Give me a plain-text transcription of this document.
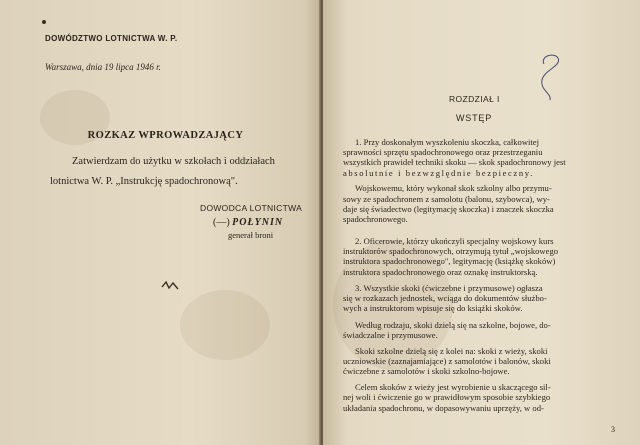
DOWÓDZTWO LOTNICTWA W. P.
Warszawa, dnia 19 lipca 1946 r.
ROZKAZ WPROWADZAJĄCY
Zatwierdzam do użytku w szkołach i oddziałach
lotnictwa W. P. „Instrukcję spadochronową".
DOWODCA LOTNICTWA
(—) POŁYNIN
generał broni
ROZDZIAŁ I
WSTĘP
1. Przy doskonałym wyszkoleniu skoczka, całkowitej
sprawności sprzętu spadochronowego oraz przestrzeganiu
wszystkich prawideł techniki skoku — skok spadochronowy jest
absolutnie i bezwzględnie bezpieczny.
Wojskowemu, który wykonał skok szkolny albo przymu-
sowy ze spadochronem z samolotu (balonu, szybowca), wy-
daje się świadectwo (legitymację skoczka) i znaczek skoczka
spadochronowego.
2. Oficerowie, którzy ukończyli specjalny wojskowy kurs
instruktorów spadochronowych, otrzymują tytuł „wojskowego
instruktora spadochronowego", legitymację (książkę skoków)
instruktora spadochronowego oraz oznakę instruktorską.
3. Wszystkie skoki (ćwiczebne i przymusowe) ogłasza
się w rozkazach jednostek, wciąga do dokumentów służbo-
wych a instruktorom wpisuje się do książki skoków.
Według rodzaju, skoki dzielą się na szkolne, bojowe, do-
świadczalne i przymusowe.
Skoki szkolne dzielą się z kolei na: skoki z wieży, skoki
uczniowskie (zaznajamiające) z samolotów i balonów, skoki
ćwiczebne z samolotów i skoki szkolno-bojowe.
Celem skoków z wieży jest wyrobienie u skaczącego sil-
nej woli i ćwiczenie go w prawidłowym sposobie szybkiego
układania spadochronu, w dopasowywaniu uprzęży, w od-
3
